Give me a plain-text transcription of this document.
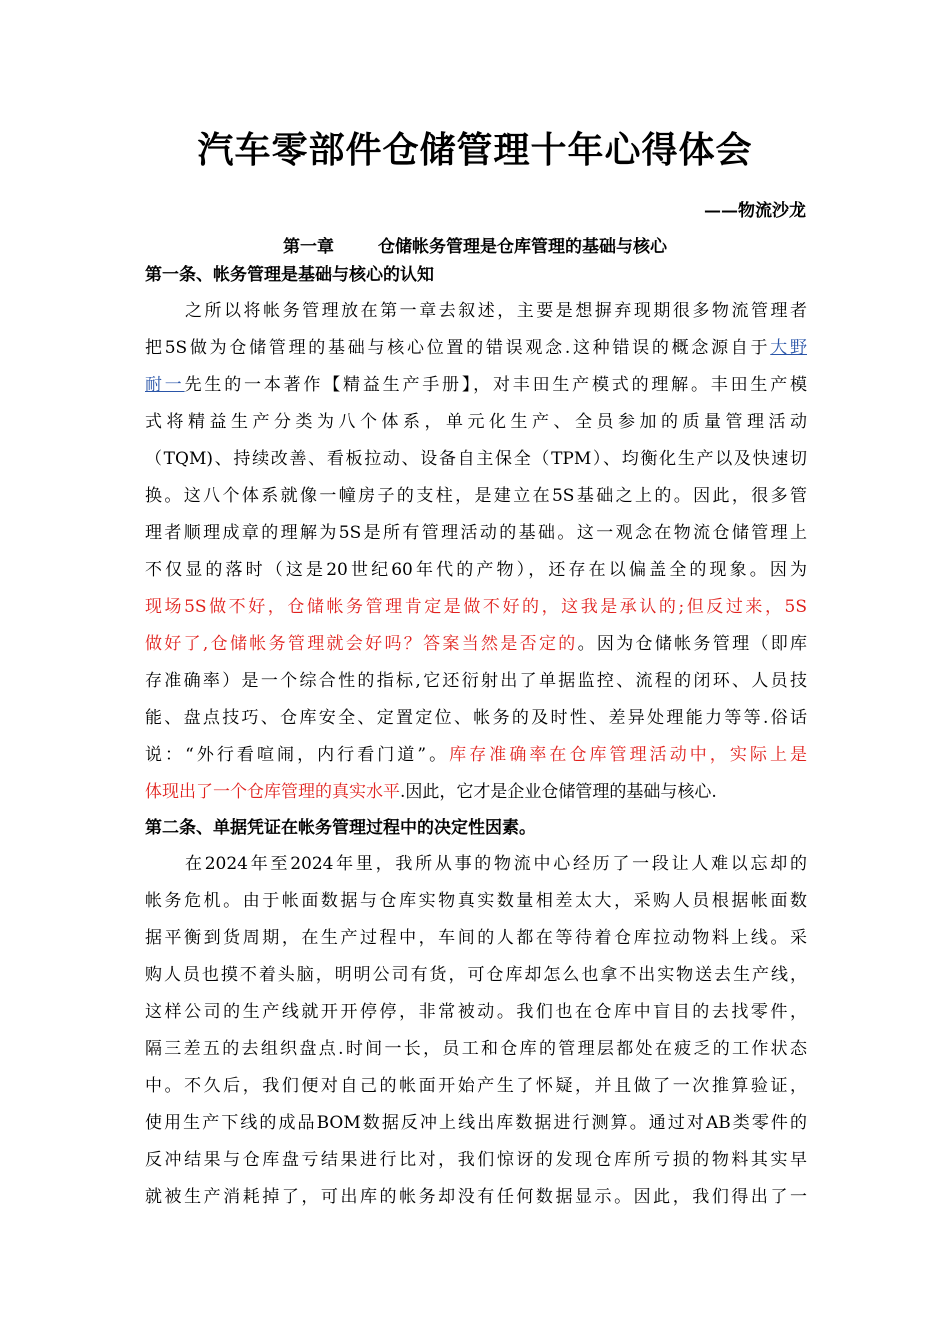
汽车零部件仓储管理十年心得体会
——物流沙龙
第一章	仓储帐务管理是仓库管理的基础与核心
第一条、帐务管理是基础与核心的认知
之所以将帐务管理放在第一章去叙述，主要是想摒弃现期很多物流管理者
把5S做为仓储管理的基础与核心位置的错误观念.这种错误的概念源自于大野
耐一先生的一本著作【精益生产手册】，对丰田生产模式的理解。丰田生产模
式将精益生产分类为八个体系，单元化生产、全员参加的质量管理活动
（TQM)、持续改善、看板拉动、设备自主保全（TPM）、均衡化生产以及快速切
换。这八个体系就像一幢房子的支柱，是建立在5S基础之上的。因此，很多管
理者顺理成章的理解为5S是所有管理活动的基础。这一观念在物流仓储管理上
不仅显的落时（这是20世纪60年代的产物），还存在以偏盖全的现象。因为
现场5S做不好，仓储帐务管理肯定是做不好的，这我是承认的;但反过来，5S
做好了,仓储帐务管理就会好吗？答案当然是否定的。因为仓储帐务管理（即库
存准确率）是一个综合性的指标,它还衍射出了单据监控、流程的闭环、人员技
能、盘点技巧、仓库安全、定置定位、帐务的及时性、差异处理能力等等.俗话
说：“外行看喧闹，内行看门道”。库存准确率在仓库管理活动中，实际上是
体现出了一个仓库管理的真实水平.因此，它才是企业仓储管理的基础与核心.
第二条、单据凭证在帐务管理过程中的决定性因素。
在2024年至2024年里，我所从事的物流中心经历了一段让人难以忘却的
帐务危机。由于帐面数据与仓库实物真实数量相差太大，采购人员根据帐面数
据平衡到货周期，在生产过程中，车间的人都在等待着仓库拉动物料上线。采
购人员也摸不着头脑，明明公司有货，可仓库却怎么也拿不出实物送去生产线，
这样公司的生产线就开开停停，非常被动。我们也在仓库中盲目的去找零件，
隔三差五的去组织盘点.时间一长，员工和仓库的管理层都处在疲乏的工作状态
中。不久后，我们便对自己的帐面开始产生了怀疑，并且做了一次推算验证，
使用生产下线的成品BOM数据反冲上线出库数据进行测算。通过对AB类零件的
反冲结果与仓库盘亏结果进行比对，我们惊讶的发现仓库所亏损的物料其实早
就被生产消耗掉了，可出库的帐务却没有任何数据显示。因此，我们得出了一
